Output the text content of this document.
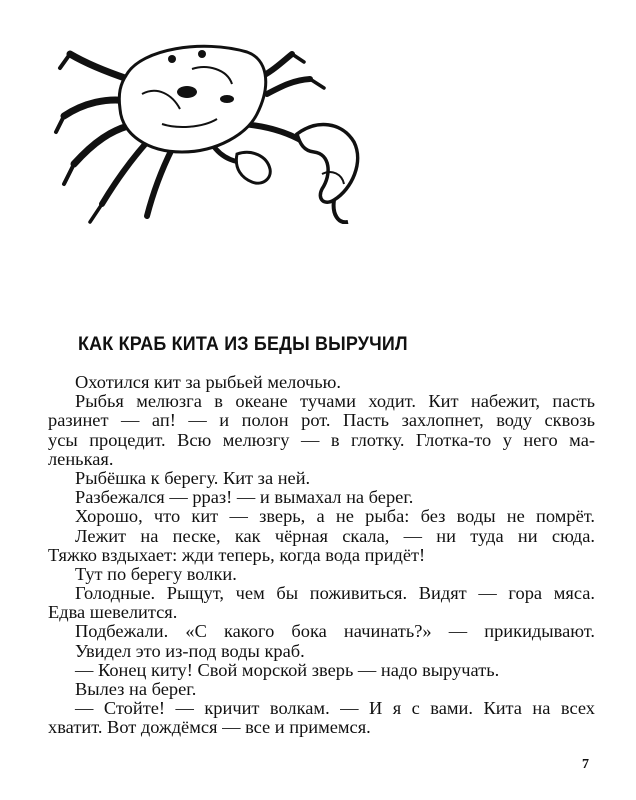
КАК КРАБ КИТА ИЗ БЕДЫ ВЫРУЧИЛ
Охотился кит за рыбьей мелочью.
Рыбья мелюзга в океане тучами ходит. Кит набежит, пасть
разинет — ап! — и полон рот. Пасть захлопнет, воду сквозь
усы процедит. Всю мелюзгу — в глотку. Глотка-то у него ма-
ленькая.
Рыбёшка к берегу. Кит за ней.
Разбежался — рраз! — и вымахал на берег.
Хорошо, что кит — зверь, а не рыба: без воды не помрёт.
Лежит на песке, как чёрная скала, — ни туда ни сюда.
Тяжко вздыхает: жди теперь, когда вода придёт!
Тут по берегу волки.
Голодные. Рыщут, чем бы поживиться. Видят — гора мяса.
Едва шевелится.
Подбежали. «С какого бока начинать?» — прикидывают.
Увидел это из-под воды краб.
— Конец киту! Свой морской зверь — надо выручать.
Вылез на берег.
— Стойте! — кричит волкам. — И я с вами. Кита на всех
хватит. Вот дождёмся — все и примемся.
7
